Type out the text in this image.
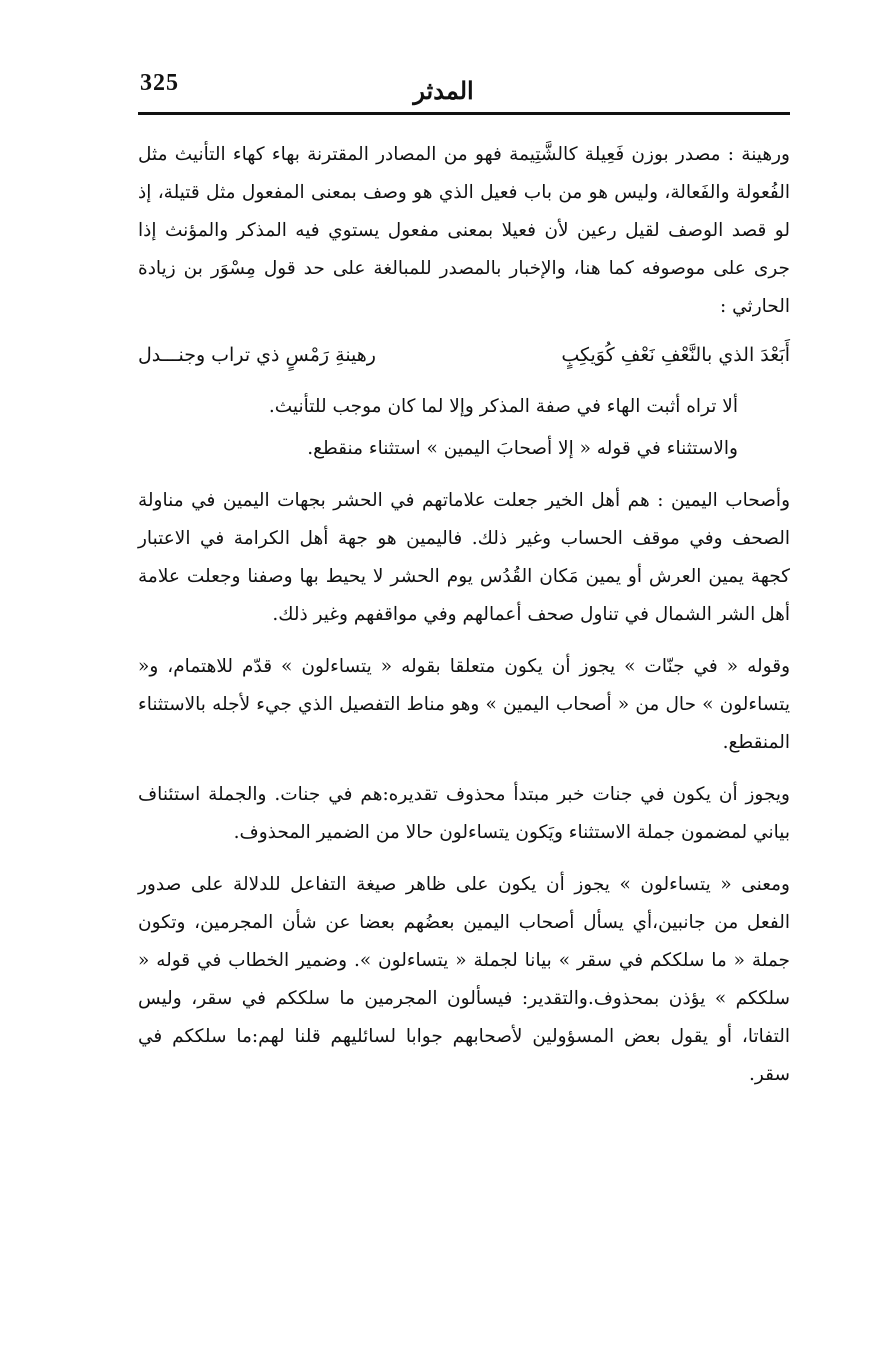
325	المدثر

ورهينة : مصدر بوزن فَعِيلة كالشَّتِيمة فهو من المصادر المقترنة بهاء كهاء التأنيث مثل الفُعولة والفَعالة، وليس هو من باب فعيل الذي هو وصف بمعنى المفعول مثل قتيلة، إذ لو قصد الوصف لقيل رعين لأن فعيلا بمعنى مفعول يستوي فيه المذكر والمؤنث إذا جرى على موصوفه كما هنا، والإخبار بالمصدر للمبالغة على حد قول مِسْوَر بن زيادة الحارثي :

أَبَعْدَ الذي بالنَّعْفِ نَعْفِ كُوَيكِبٍ
رهينةِ رَمْسٍ ذي تراب وجنـــدل

ألا تراه أثبت الهاء في صفة المذكر وإلا لما كان موجب للتأنيث.

والاستثناء في قوله « إلا أصحابَ اليمين » استثناء منقطع.

وأصحاب اليمين : هم أهل الخير جعلت علاماتهم في الحشر بجهات اليمين في مناولة الصحف وفي موقف الحساب وغير ذلك. فاليمين هو جهة أهل الكرامة في الاعتبار كجهة يمين العرش أو يمين مَكان القُدُس يوم الحشر لا يحيط بها وصفنا وجعلت علامة أهل الشر الشمال في تناول صحف أعمالهم وفي مواقفهم وغير ذلك.

وقوله « في جنّات » يجوز أن يكون متعلقا بقوله « يتساءلون » قدّم للاهتمام، و« يتساءلون » حال من « أصحاب اليمين » وهو مناط التفصيل الذي جيء لأجله بالاستثناء المنقطع.

ويجوز أن يكون في جنات خبر مبتدأ محذوف تقديره:هم في جنات. والجملة استئناف بياني لمضمون جملة الاستثناء ويَكون يتساءلون حالا من الضمير المحذوف.

ومعنى « يتساءلون » يجوز أن يكون على ظاهر صيغة التفاعل للدلالة على صدور الفعل من جانبين،أي يسأل أصحاب اليمين بعضُهم بعضا عن شأن المجرمين، وتكون جملة « ما سلككم في سقر » بيانا لجملة « يتساءلون ». وضمير الخطاب في قوله « سلككم » يؤذن بمحذوف.والتقدير: فيسألون المجرمين ما سلككم في سقر، وليس التفاتا، أو يقول بعض المسؤولين لأصحابهم جوابا لسائليهم قلنا لهم:ما سلككم في سقر.
